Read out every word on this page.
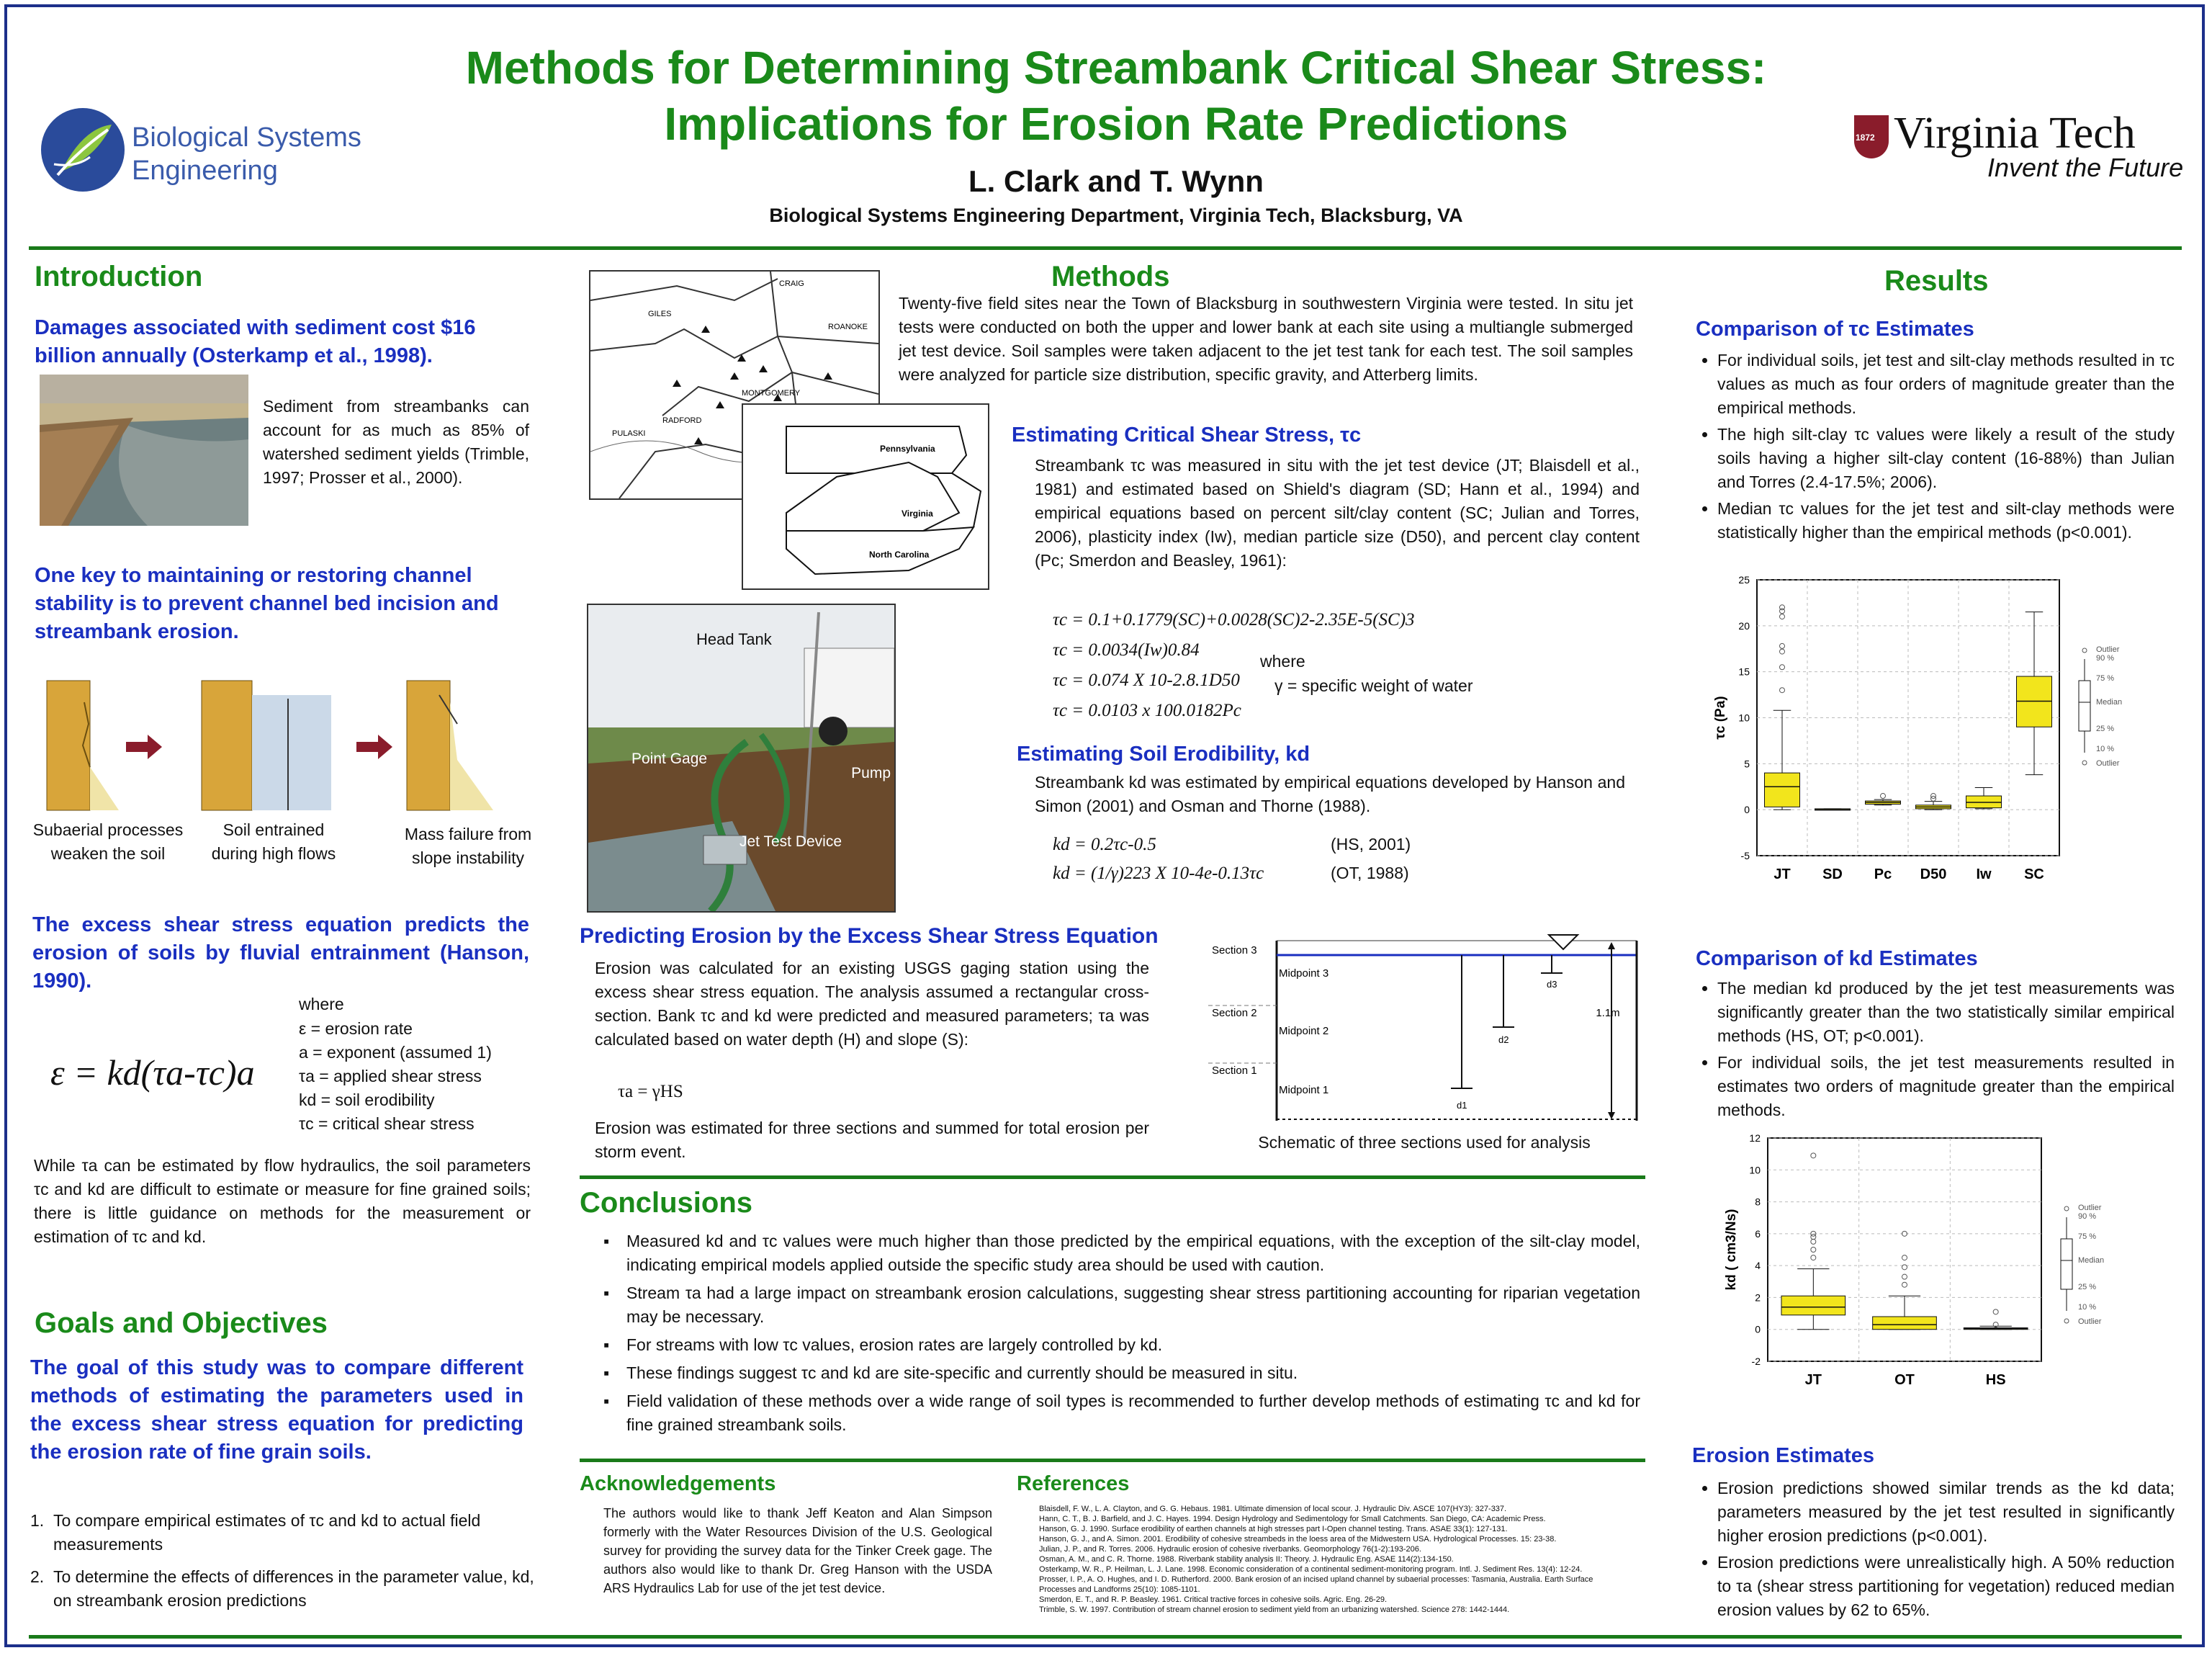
Methods for Determining Streambank Critical Shear Stress:
Implications for Erosion Rate Predictions
L. Clark and T. Wynn
Biological Systems Engineering Department, Virginia Tech, Blacksburg, VA
Biological Systems
Engineering
1872 Virginia Tech
Invent the Future
Introduction
Damages associated with sediment cost $16 billion annually (Osterkamp et al., 1998).
Sediment from streambanks can account for as much as 85% of watershed sediment yields (Trimble, 1997; Prosser et al., 2000).
One key to maintaining or restoring channel stability is to prevent channel bed incision and streambank erosion.
Subaerial processes weaken the soil
Soil entrained during high flows
Mass failure from slope instability
The excess shear stress equation predicts the erosion of soils by fluvial entrainment (Hanson, 1990).
ε = kd(τa-τc)a
where
ε = erosion rate
a = exponent (assumed 1)
τa = applied shear stress
kd = soil erodibility
τc = critical shear stress
While τa can be estimated by flow hydraulics, the soil parameters τc and kd are difficult to estimate or measure for fine grained soils; there is little guidance on methods for the measurement or estimation of τc and kd.
Goals and Objectives
The goal of this study was to compare different methods of estimating the parameters used in the excess shear stress equation for predicting the erosion rate of fine grain soils.
1. To compare empirical estimates of τc and kd to actual field measurements
2. To determine the effects of differences in the parameter value, kd, on streambank erosion predictions
Methods
CRAIG
GILES
ROANOKE
MONTGOMERY
RADFORD
PULASKI
Pennsylvania
Virginia
North Carolina
Twenty-five field sites near the Town of Blacksburg in southwestern Virginia were tested. In situ jet tests were conducted on both the upper and lower bank at each site using a multiangle submerged jet test device. Soil samples were taken adjacent to the jet test tank for each test. The soil samples were analyzed for particle size distribution, specific gravity, and Atterberg limits.
Estimating Critical Shear Stress, τc
Streambank τc was measured in situ with the jet test device (JT; Blaisdell et al., 1981) and estimated based on Shield's diagram (SD; Hann et al., 1994) and empirical equations based on percent silt/clay content (SC; Julian and Torres, 2006), plasticity index (Iw), median particle size (D50), and percent clay content (Pc; Smerdon and Beasley, 1961):
Head Tank
Point Gage
Pump
Jet Test Device
τc = 0.1+0.1779(SC)+0.0028(SC)2-2.35E-5(SC)3
τc = 0.0034(Iw)0.84
τc = 0.074 X 10-2.8.1D50
τc = 0.0103 x 100.0182Pc
where
γ = specific weight of water
Estimating Soil Erodibility, kd
Streambank kd was estimated by empirical equations developed by Hanson and Simon (2001) and Osman and Thorne (1988).
kd = 0.2τc-0.5	(HS, 2001)
kd = (1/γ)223 X 10-4e-0.13τc	(OT, 1988)
Predicting Erosion by the Excess Shear Stress Equation
Erosion was calculated for an existing USGS gaging station using the excess shear stress equation. The analysis assumed a rectangular cross-section. Bank τc and kd were predicted and measured parameters; τa was calculated based on water depth (H) and slope (S):
τa = γHS
Erosion was estimated for three sections and summed for total erosion per storm event.
Section 3
Section 2
Section 1
Midpoint 3
Midpoint 2
Midpoint 1
d3
d2
d1
1.1m
Schematic of three sections used for analysis
Conclusions
▪	Measured kd and τc values were much higher than those predicted by the empirical equations, with the exception of the silt-clay model, indicating empirical models applied outside the specific study area should be used with caution.
▪	Stream τa had a large impact on streambank erosion calculations, suggesting shear stress partitioning accounting for riparian vegetation may be necessary.
▪	For streams with low τc values, erosion rates are largely controlled by kd.
▪	These findings suggest τc and kd are site-specific and currently should be measured in situ.
▪	Field validation of these methods over a wide range of soil types is recommended to further develop methods of estimating τc and kd for fine grained streambank soils.
Acknowledgements
The authors would like to thank Jeff Keaton and Alan Simpson formerly with the Water Resources Division of the U.S. Geological survey for providing the survey data for the Tinker Creek gage. The authors also would like to thank Dr. Greg Hanson with the USDA ARS Hydraulics Lab for use of the jet test device.
References
Blaisdell, F. W., L. A. Clayton, and G. G. Hebaus. 1981. Ultimate dimension of local scour. J. Hydraulic Div. ASCE 107(HY3): 327-337.
Hann, C. T., B. J. Barfield, and J. C. Hayes. 1994. Design Hydrology and Sedimentology for Small Catchments. San Diego, CA: Academic Press.
Hanson, G. J. 1990. Surface erodibility of earthen channels at high stresses part I-Open channel testing. Trans. ASAE 33(1): 127-131.
Hanson, G. J., and A. Simon. 2001. Erodibility of cohesive streambeds in the loess area of the Midwestern USA. Hydrological Processes. 15: 23-38.
Julian, J. P., and R. Torres. 2006. Hydraulic erosion of cohesive riverbanks. Geomorphology 76(1-2):193-206.
Osman, A. M., and C. R. Thorne. 1988. Riverbank stability analysis II: Theory. J. Hydraulic Eng. ASAE 114(2):134-150.
Osterkamp, W. R., P. Heilman, L. J. Lane. 1998. Economic consideration of a continental sediment-monitoring program. Intl. J. Sediment Res. 13(4): 12-24.
Prosser, I. P., A. O. Hughes, and I. D. Rutherford. 2000. Bank erosion of an incised upland channel by subaerial processes: Tasmania, Australia. Earth Surface Processes and Landforms 25(10): 1085-1101.
Smerdon, E. T., and R. P. Beasley. 1961. Critical tractive forces in cohesive soils. Agric. Eng. 26-29.
Trimble, S. W. 1997. Contribution of stream channel erosion to sediment yield from an urbanizing watershed. Science 278: 1442-1444.
Results
Comparison of τc Estimates
• For individual soils, jet test and silt-clay methods resulted in τc values as much as four orders of magnitude greater than the empirical methods.
• The high silt-clay τc values were likely a result of the study soils having a higher silt-clay content (16-88%) than Julian and Torres (2.4-17.5%; 2006).
• Median τc values for the jet test and silt-clay methods were statistically higher than the empirical methods (p<0.001).
-5
0
5
10
15
20
25
τc (Pa)
JT SD Pc D50 Iw SC
Outlier
90 %
75 %
Median
25 %
10 %
Outlier
Comparison of kd Estimates
• The median kd produced by the jet test measurements was significantly greater than the two statistically similar empirical methods (HS, OT; p<0.001).
• For individual soils, the jet test measurements resulted in estimates two orders of magnitude greater than the empirical methods.
-2
0
2
4
6
8
10
12
kd ( cm3/Ns)
JT	OT	HS
Outlier
90 %
75 %
Median
25 %
10 %
Outlier
Erosion Estimates
• Erosion predictions showed similar trends as the kd data; parameters measured by the jet test resulted in significantly higher erosion predictions (p<0.001).
• Erosion predictions were unrealistically high. A 50% reduction to τa (shear stress partitioning for vegetation) reduced median erosion values by 62 to 65%.
